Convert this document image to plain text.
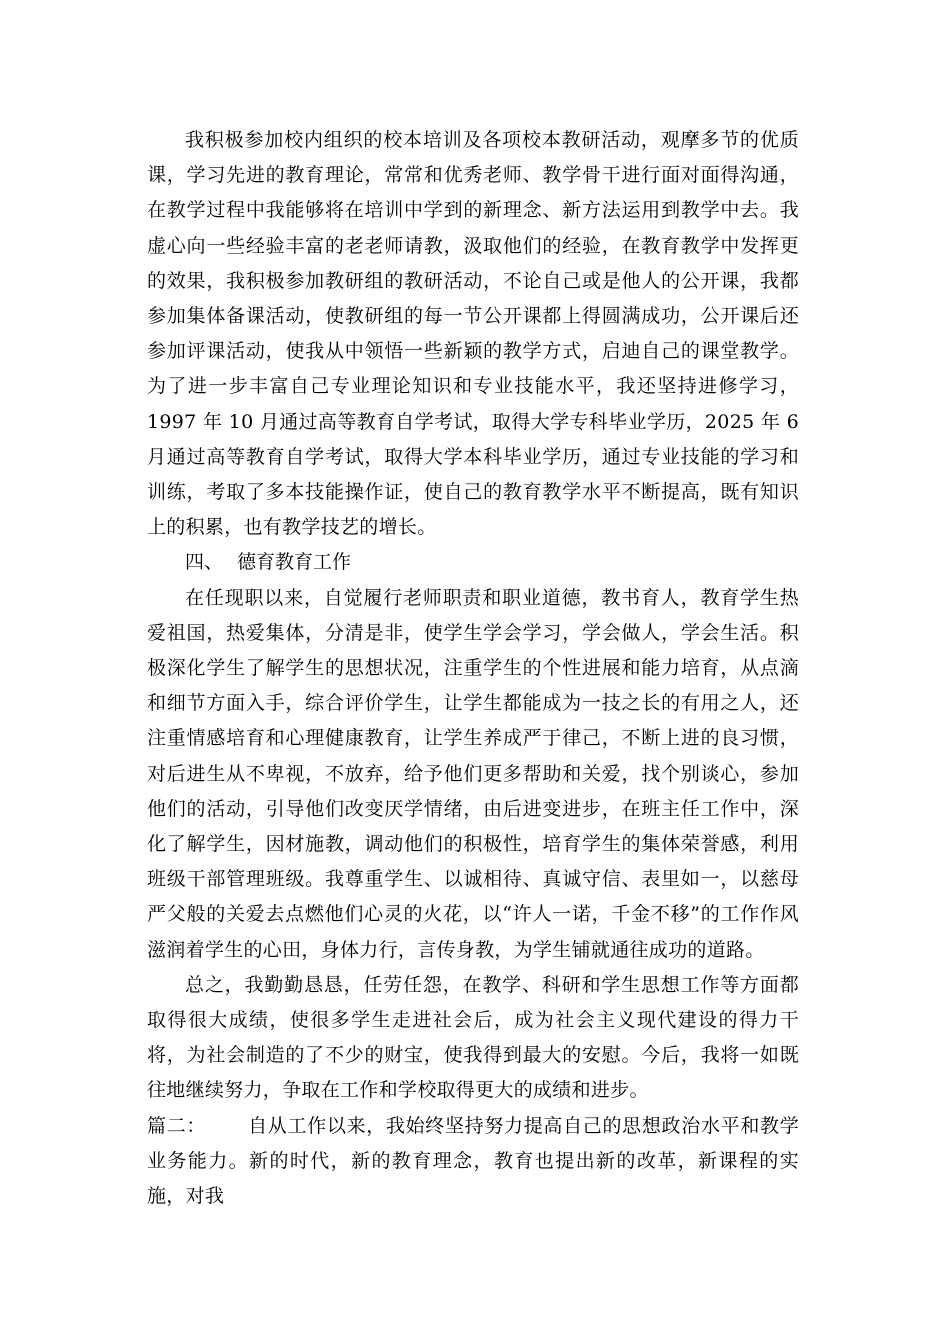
我积极参加校内组织的校本培训及各项校本教研活动，观摩多节的优质课，学习先进的教育理论，常常和优秀老师、教学骨干进行面对面得沟通，在教学过程中我能够将在培训中学到的新理念、新方法运用到教学中去。我虚心向一些经验丰富的老老师请教，汲取他们的经验，在教育教学中发挥更的效果，我积极参加教研组的教研活动，不论自己或是他人的公开课，我都参加集体备课活动，使教研组的每一节公开课都上得圆满成功，公开课后还参加评课活动，使我从中领悟一些新颖的教学方式，启迪自己的课堂教学。为了进一步丰富自己专业理论知识和专业技能水平，我还坚持进修学习，1997 年 10 月通过高等教育自学考试，取得大学专科毕业学历，2025 年 6 月通过高等教育自学考试，取得大学本科毕业学历，通过专业技能的学习和训练，考取了多本技能操作证，使自己的教育教学水平不断提高，既有知识上的积累，也有教学技艺的增长。

四、 德育教育工作

在任现职以来，自觉履行老师职责和职业道德，教书育人，教育学生热爱祖国，热爱集体，分清是非，使学生学会学习，学会做人，学会生活。积极深化学生了解学生的思想状况，注重学生的个性进展和能力培育，从点滴和细节方面入手，综合评价学生，让学生都能成为一技之长的有用之人，还注重情感培育和心理健康教育，让学生养成严于律己，不断上进的良习惯，对后进生从不卑视，不放弃，给予他们更多帮助和关爱，找个别谈心，参加他们的活动，引导他们改变厌学情绪，由后进变进步，在班主任工作中，深化了解学生，因材施教，调动他们的积极性，培育学生的集体荣誉感，利用班级干部管理班级。我尊重学生、以诚相待、真诚守信、表里如一，以慈母严父般的关爱去点燃他们心灵的火花，以“许人一诺，千金不移”的工作作风滋润着学生的心田，身体力行，言传身教，为学生铺就通往成功的道路。

总之，我勤勤恳恳，任劳任怨，在教学、科研和学生思想工作等方面都取得很大成绩，使很多学生走进社会后，成为社会主义现代建设的得力干将，为社会制造的了不少的财宝，使我得到最大的安慰。今后，我将一如既往地继续努力，争取在工作和学校取得更大的成绩和进步。

篇二： 自从工作以来，我始终坚持努力提高自己的思想政治水平和教学业务能力。新的时代，新的教育理念，教育也提出新的改革，新课程的实施，对我
